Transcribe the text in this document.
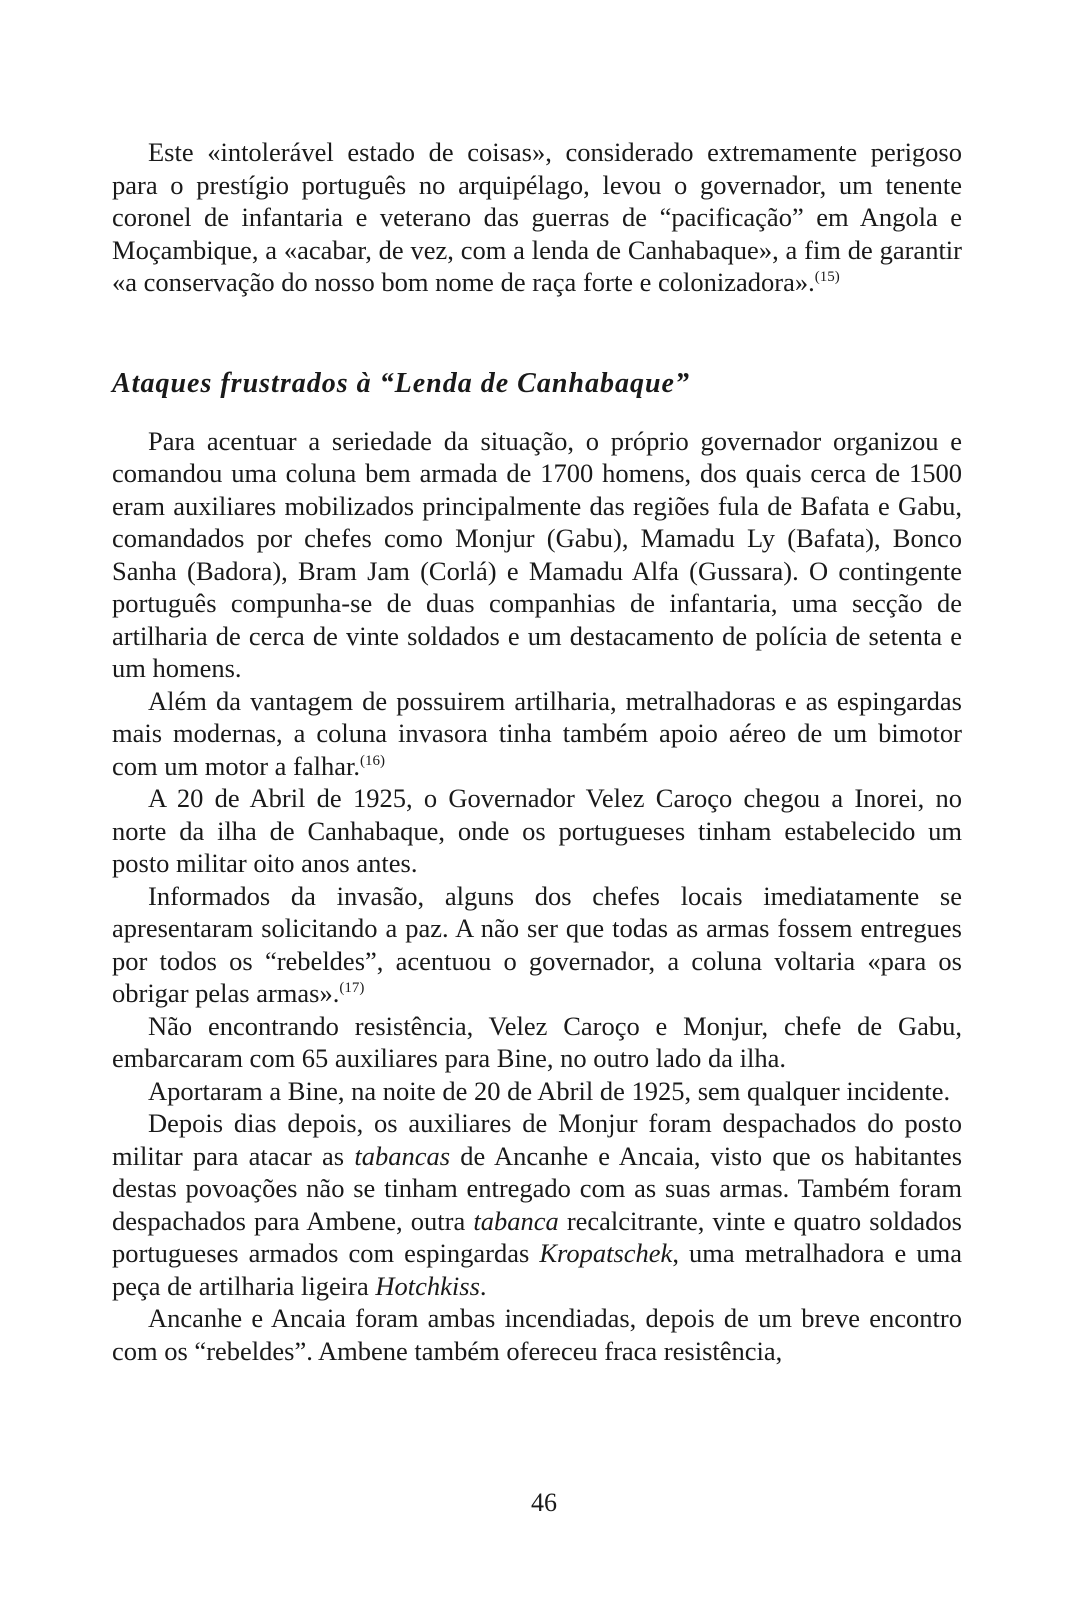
Este «intolerável estado de coisas», considerado extremamente perigoso para o prestígio português no arquipélago, levou o governador, um tenente coronel de infantaria e veterano das guerras de “pacificação” em Angola e Moçambique, a «acabar, de vez, com a lenda de Canhabaque», a fim de garantir «a conservação do nosso bom nome de raça forte e colonizadora».$^{(15)}$

Ataques frustrados à “Lenda de Canhabaque”

Para acentuar a seriedade da situação, o próprio governador organizou e comandou uma coluna bem armada de 1700 homens, dos quais cerca de 1500 eram auxiliares mobilizados principalmente das regiões fula de Bafata e Gabu, comandados por chefes como Monjur (Gabu), Mamadu Ly (Bafata), Bonco Sanha (Badora), Bram Jam (Corlá) e Mamadu Alfa (Gussara). O contingente português compunha-se de duas companhias de infantaria, uma secção de artilharia de cerca de vinte soldados e um destacamento de polícia de setenta e um homens.

Além da vantagem de possuirem artilharia, metralhadoras e as espingardas mais modernas, a coluna invasora tinha também apoio aéreo de um bimotor com um motor a falhar.$^{(16)}$

A 20 de Abril de 1925, o Governador Velez Caroço chegou a Inorei, no norte da ilha de Canhabaque, onde os portugueses tinham estabelecido um posto militar oito anos antes.

Informados da invasão, alguns dos chefes locais imediatamente se apresentaram solicitando a paz. A não ser que todas as armas fossem entregues por todos os “rebeldes”, acentuou o governador, a coluna voltaria «para os obrigar pelas armas».$^{(17)}$

Não encontrando resistência, Velez Caroço e Monjur, chefe de Gabu, embarcaram com 65 auxiliares para Bine, no outro lado da ilha.

Aportaram a Bine, na noite de 20 de Abril de 1925, sem qualquer incidente.

Depois dias depois, os auxiliares de Monjur foram despachados do posto militar para atacar as tabancas de Ancanhe e Ancaia, visto que os habitantes destas povoações não se tinham entregado com as suas armas. Também foram despachados para Ambene, outra tabanca recalcitrante, vinte e quatro soldados portugueses armados com espingardas Kropatschek, uma metralhadora e uma peça de artilharia ligeira Hotchkiss.

Ancanhe e Ancaia foram ambas incendiadas, depois de um breve encontro com os “rebeldes”. Ambene também ofereceu fraca resistência,

46
